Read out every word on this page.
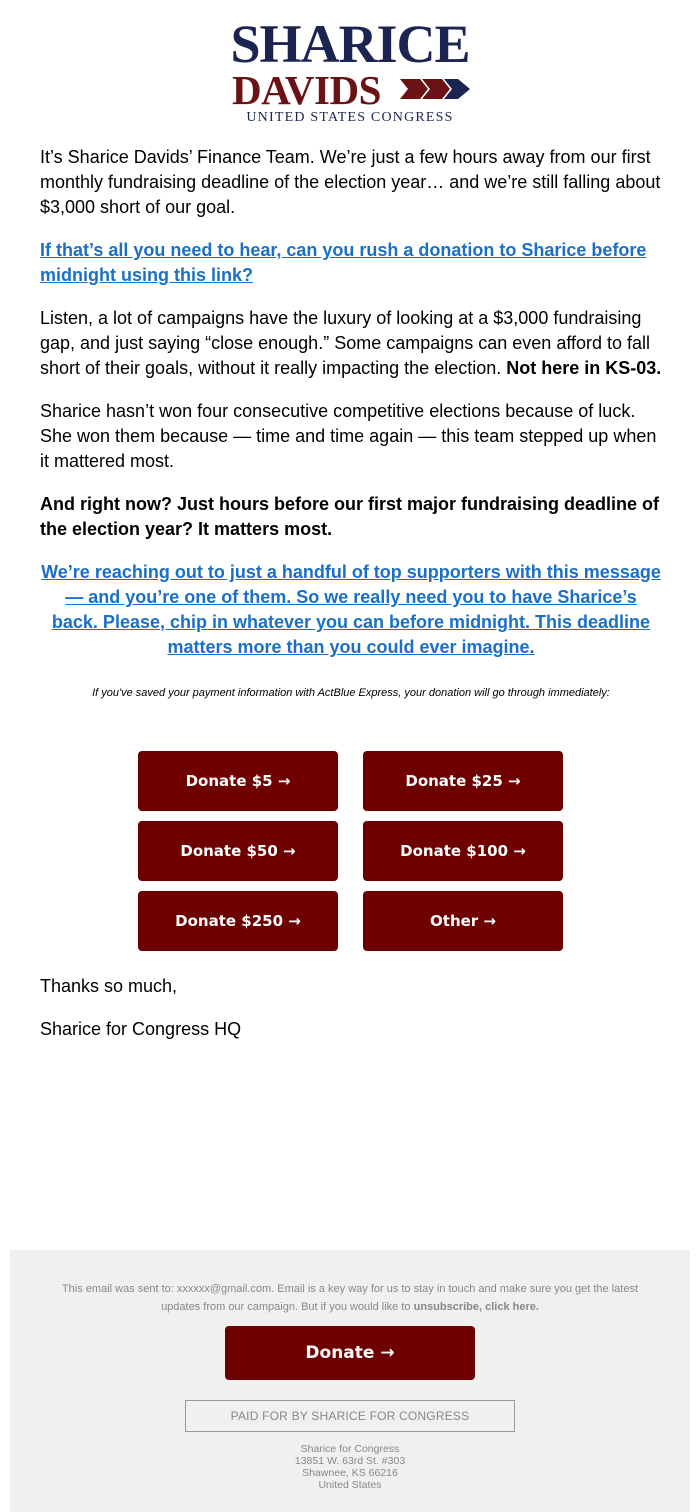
SHARICE
DAVIDS
UNITED STATES CONGRESS

It’s Sharice Davids’ Finance Team. We’re just a few hours away from our first monthly fundraising deadline of the election year… and we’re still falling about $3,000 short of our goal.

If that’s all you need to hear, can you rush a donation to Sharice before midnight using this link?

Listen, a lot of campaigns have the luxury of looking at a $3,000 fundraising gap, and just saying “close enough.” Some campaigns can even afford to fall short of their goals, without it really impacting the election. Not here in KS-03.

Sharice hasn’t won four consecutive competitive elections because of luck. She won them because — time and time again — this team stepped up when it mattered most.

And right now? Just hours before our first major fundraising deadline of the election year? It matters most.

We’re reaching out to just a handful of top supporters with this message — and you’re one of them. So we really need you to have Sharice’s back. Please, chip in whatever you can before midnight. This deadline matters more than you could ever imagine.

If you've saved your payment information with ActBlue Express, your donation will go through immediately:

Donate $5 →	Donate $25 →
Donate $50 →	Donate $100 →
Donate $250 →	Other →

Thanks so much,

Sharice for Congress HQ

This email was sent to: xxxxxx@gmail.com. Email is a key way for us to stay in touch and make sure you get the latest updates from our campaign. But if you would like to unsubscribe, click here.
Donate →
PAID FOR BY SHARICE FOR CONGRESS
Sharice for Congress
13851 W. 63rd St. #303
Shawnee, KS 66216
United States
